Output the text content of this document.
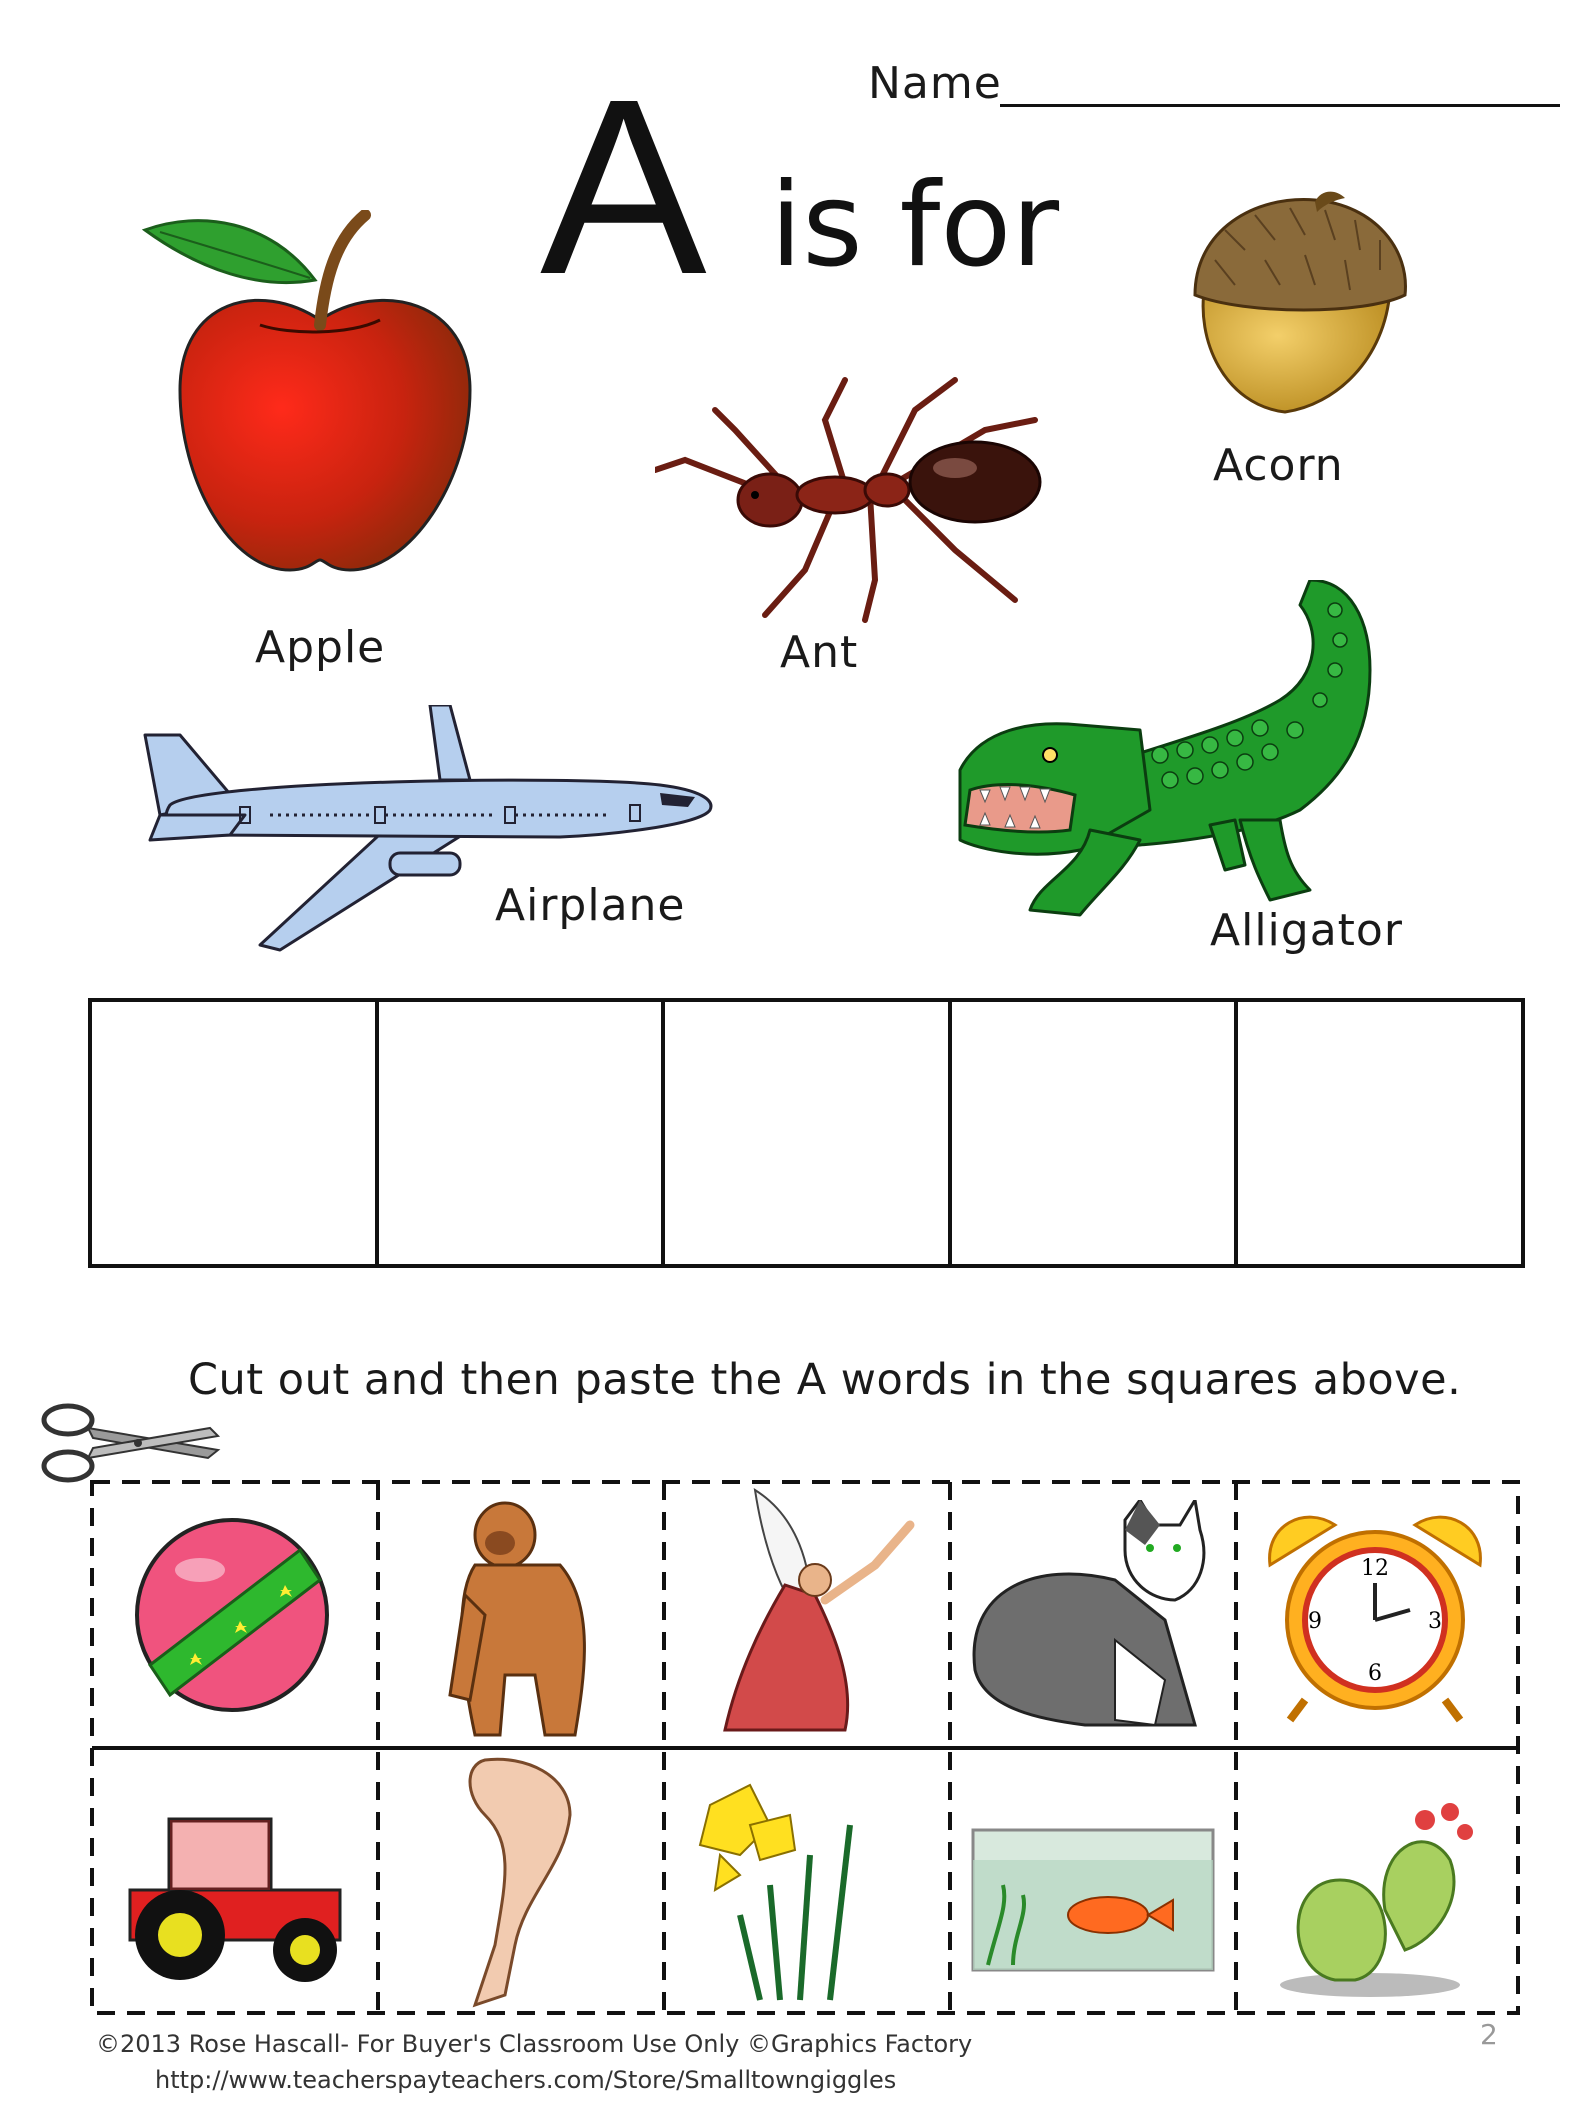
Name
A is for
Apple	Ant
Acorn
Airplane	Alligator
Cut out and then paste the A words in the squares above.
12
3
6
9
©2013 Rose Hascall- For Buyer's Classroom Use Only ©Graphics Factory
http://www.teacherspayteachers.com/Store/Smalltowngiggles
2
